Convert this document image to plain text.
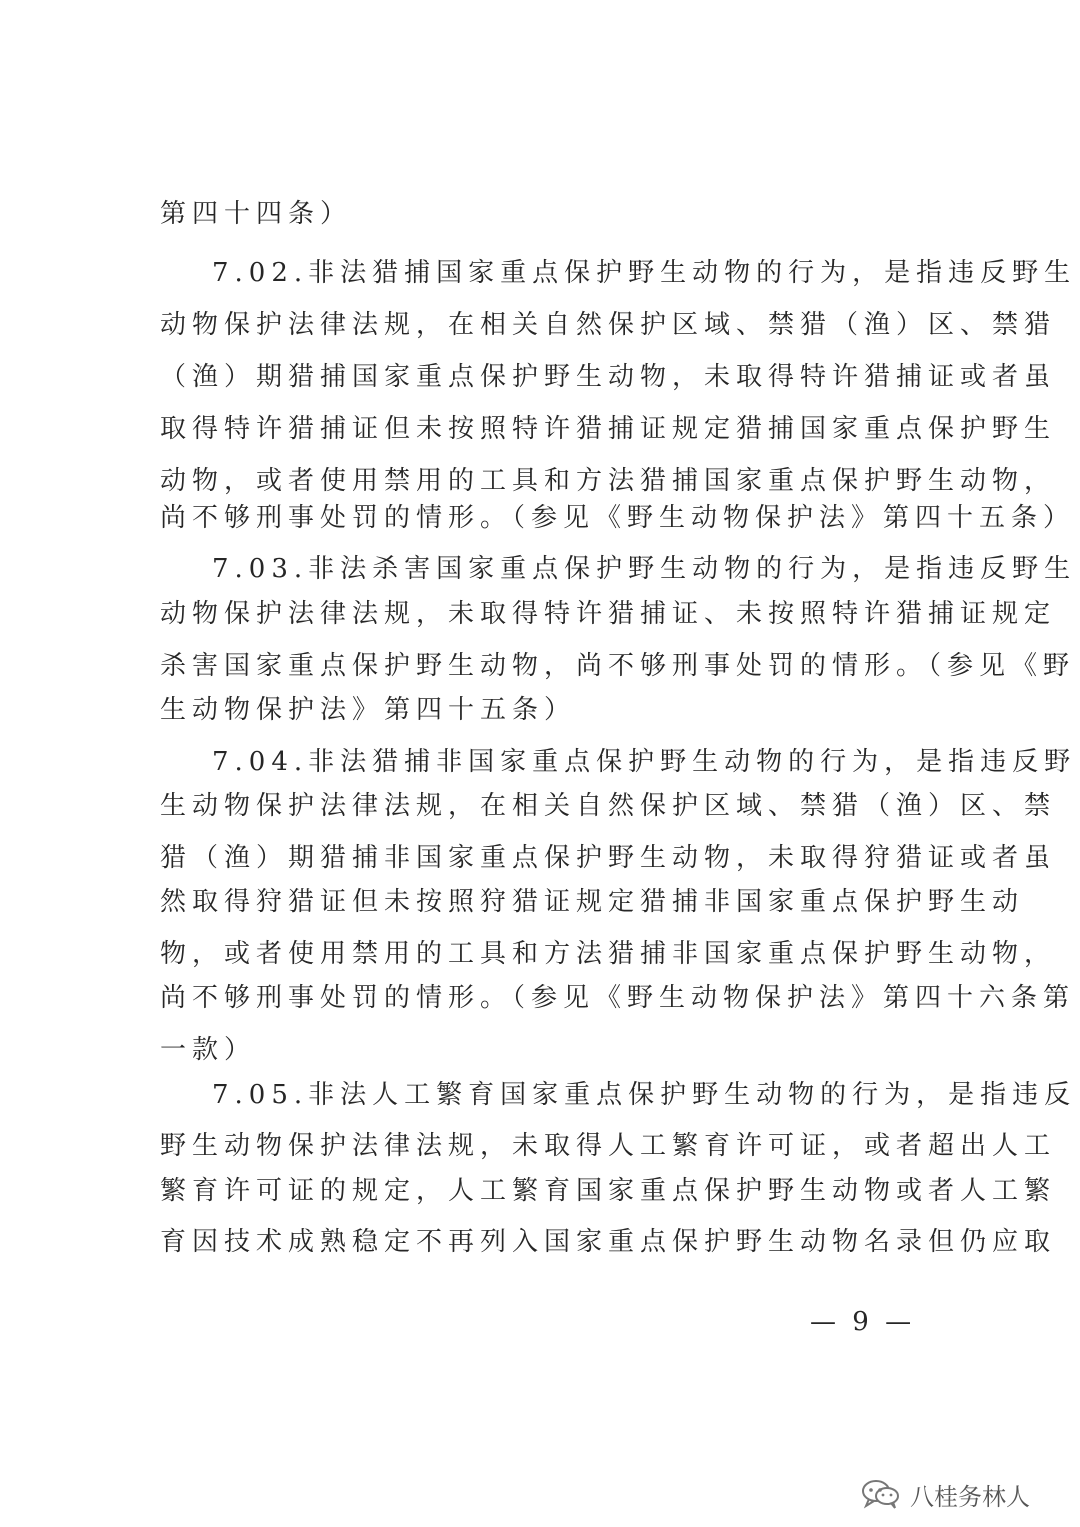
第四十四条）
7.02.非法猎捕国家重点保护野生动物的行为，是指违反野生
动物保护法律法规，在相关自然保护区域、禁猎（渔）区、禁猎
（渔）期猎捕国家重点保护野生动物，未取得特许猎捕证或者虽
取得特许猎捕证但未按照特许猎捕证规定猎捕国家重点保护野生
动物，或者使用禁用的工具和方法猎捕国家重点保护野生动物，
尚不够刑事处罚的情形。（参见《野生动物保护法》第四十五条）
7.03.非法杀害国家重点保护野生动物的行为，是指违反野生
动物保护法律法规，未取得特许猎捕证、未按照特许猎捕证规定
杀害国家重点保护野生动物，尚不够刑事处罚的情形。（参见《野
生动物保护法》第四十五条）
7.04.非法猎捕非国家重点保护野生动物的行为，是指违反野
生动物保护法律法规，在相关自然保护区域、禁猎（渔）区、禁
猎（渔）期猎捕非国家重点保护野生动物，未取得狩猎证或者虽
然取得狩猎证但未按照狩猎证规定猎捕非国家重点保护野生动
物，或者使用禁用的工具和方法猎捕非国家重点保护野生动物，
尚不够刑事处罚的情形。（参见《野生动物保护法》第四十六条第
一款）
7.05.非法人工繁育国家重点保护野生动物的行为，是指违反
野生动物保护法律法规，未取得人工繁育许可证，或者超出人工
繁育许可证的规定，人工繁育国家重点保护野生动物或者人工繁
育因技术成熟稳定不再列入国家重点保护野生动物名录但仍应取
— 9 —
八桂务林人
